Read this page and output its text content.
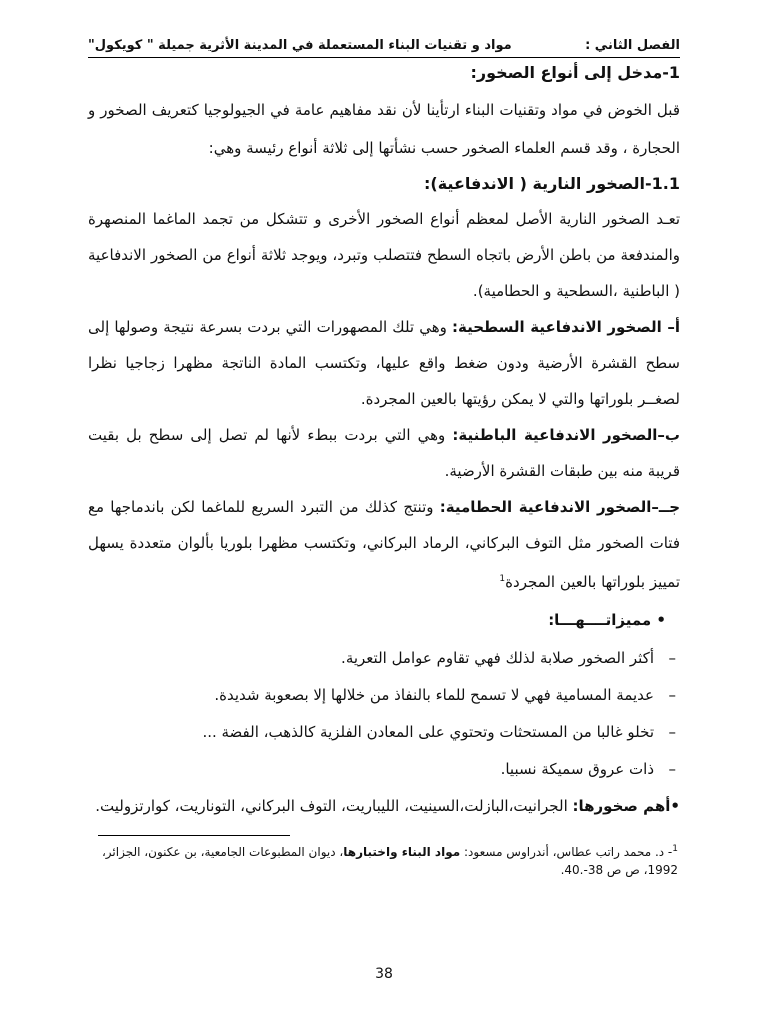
الفصل الثاني :
مواد و تقنيات البناء المستعملة في المدينة الأثرية جميلة " كويكول"
1-مدخل إلى أنواع الصخور:

قبل الخوض في مواد وتقنيات البناء ارتأينا لأن نقد مفاهيم عامة في الجيولوجيا كتعريف الصخور و الحجارة ، وقد قسم العلماء الصخور حسب نشأتها إلى ثلاثة أنواع رئيسة وهي:

1.1-الصخور النارية ( الاندفاعية):

تعـد الصخور النارية الأصل لمعظم أنواع الصخور الأخرى و تتشكل من تجمد الماغما المنصهرة والمندفعة من باطن الأرض باتجاه السطح فتتصلب وتبرد، ويوجد ثلاثة أنواع من الصخور الاندفاعية ( الباطنية ،السطحية و الحطامية).

أ– الصخور الاندفاعية السطحية: وهي تلك المصهورات التي بردت بسرعة نتيجة وصولها إلى سطح القشرة الأرضية ودون ضغط واقع عليها، وتكتسب المادة الناتجة مظهرا زجاجيا نظرا لصغــر بلوراتها والتي لا يمكن رؤيتها بالعين المجردة.

ب–الصخور الاندفاعية الباطنية: وهي التي بردت ببطء لأنها لم تصل إلى سطح بل بقيت قريبة منه بين طبقات القشرة الأرضية.

جــ–الصخور الاندفاعية الحطامية: وتنتج كذلك من التبرد السريع للماغما لكن باندماجها مع فتات الصخور مثل التوف البركاني، الرماد البركاني، وتكتسب مظهرا بلوريا بألوان متعددة يسهل تمييز بلوراتها بالعين المجردة$^1$

• مميزاتــــهـــا:

– أكثر الصخور صلابة لذلك فهي تقاوم عوامل التعرية.
– عديمة المسامية فهي لا تسمح للماء بالنفاذ من خلالها إلا بصعوبة شديدة.
– تخلو غالبا من المستحثات وتحتوي على المعادن الفلزية كالذهب، الفضة ...
– ذات عروق سميكة نسبيا.

•أهم صخورها: الجرانيت،البازلت،السينيت، الليباريت، التوف البركاني، التوناريت، كوارتزوليت.

$^1$- د. محمد راتب عطاس، أندراوس مسعود: مواد البناء واختبارها، ديوان المطبوعات الجامعية، بن عكنون، الجزائر، 1992، ص ص 38-.40.
38
